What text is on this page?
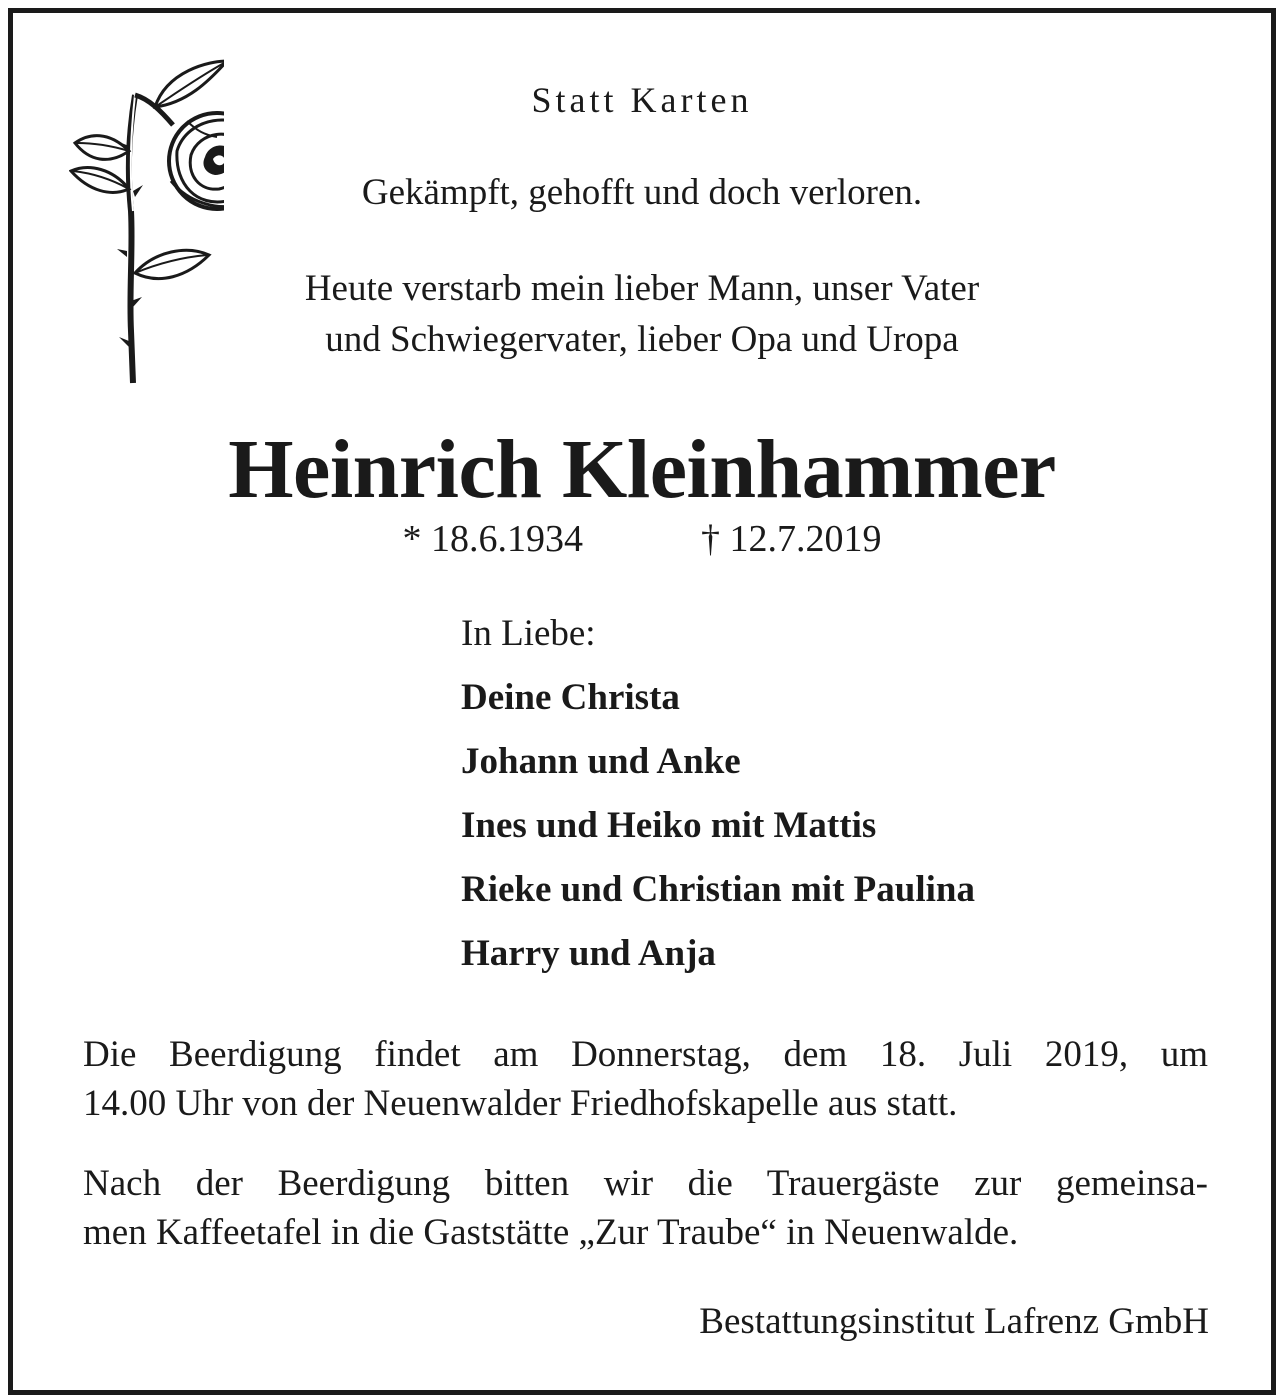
Statt Karten
Gekämpft, gehofft und doch verloren.
Heute verstarb mein lieber Mann, unser Vater
und Schwiegervater, lieber Opa und Uropa
Heinrich Kleinhammer
* 18.6.1934	† 12.7.2019
In Liebe:
Deine Christa
Johann und Anke
Ines und Heiko mit Mattis
Rieke und Christian mit Paulina
Harry und Anja
Die Beerdigung findet am Donnerstag, dem 18. Juli 2019, um
14.00 Uhr von der Neuenwalder Friedhofskapelle aus statt.
Nach der Beerdigung bitten wir die Trauergäste zur gemeinsa-
men Kaffeetafel in die Gaststätte „Zur Traube“ in Neuenwalde.
Bestattungsinstitut Lafrenz GmbH
